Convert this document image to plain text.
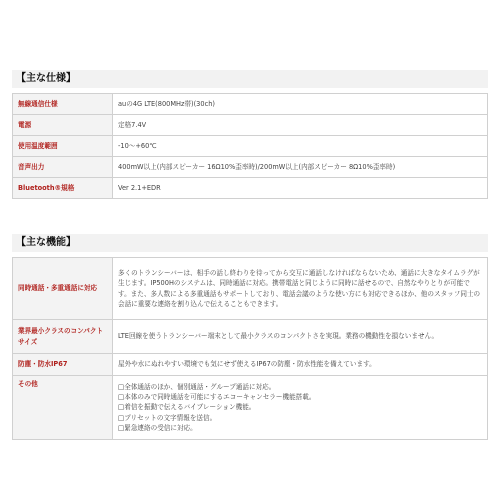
【主な仕様】
無線通信仕様	auの4G LTE(800MHz帯)(30ch)
電源	定格7.4V
使用温度範囲	-10〜+60℃
音声出力	400mW以上(内部スピーカー 16Ω10%歪率時)/200mW以上(内部スピーカー 8Ω10%歪率時)
Bluetooth®規格	Ver 2.1+EDR
【主な機能】
同時通話・多重通話に対応	多くのトランシーバーは、相手の話し終わりを待ってから交互に通話しなければならないため、通話に大きなタイムラグが生じます。IP500Hのシステムは、同時通話に対応。携帯電話と同じように同時に話せるので、自然なやりとりが可能です。また、多人数による多重通話もサポートしており、電話会議のような使い方にも対応できるほか、他のスタッフ同士の会話に重要な連絡を割り込んで伝えることもできます。
業界最小クラスのコンパクトサイズ	LTE回線を使うトランシーバー端末として最小クラスのコンパクトさを実現。業務の機動性を損ないません。
防塵・防水IP67	屋外や水にぬれやすい環境でも気にせず使えるIP67の防塵・防水性能を備えています。
その他	□全体通話のほか、個別通話・グループ通話に対応。
□本体のみで同時通話を可能にするエコーキャンセラー機能搭載。
□着信を振動で伝えるバイブレーション機能。
□プリセットの文字情報を送信。
□緊急連絡の受信に対応。
